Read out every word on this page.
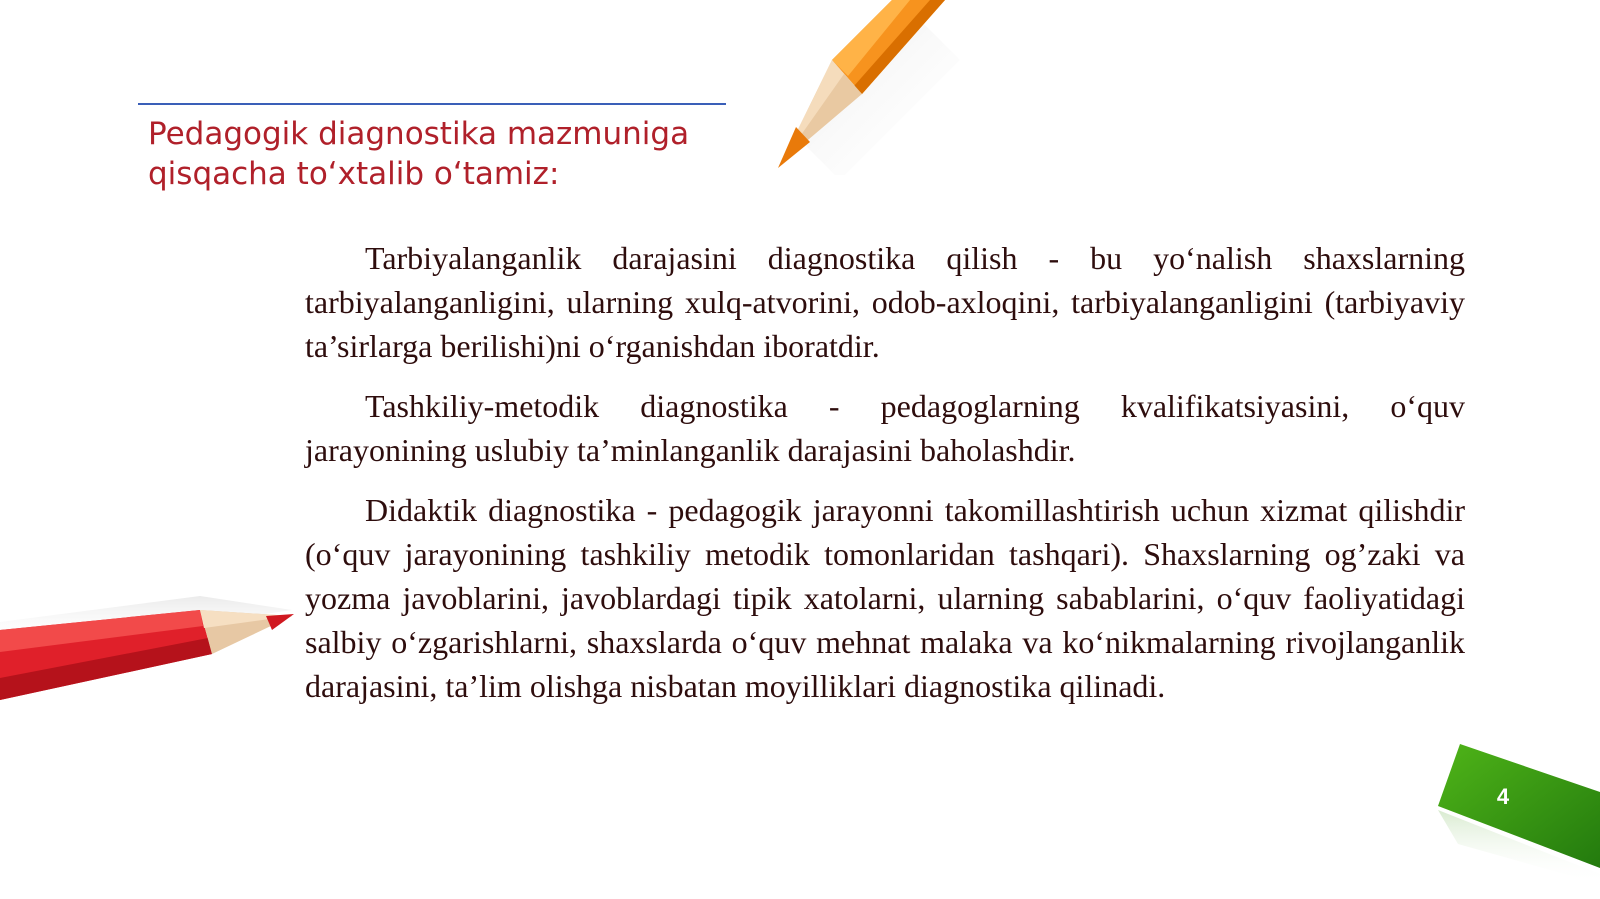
Pedagogik diagnostika mazmuniga
qisqacha to‘xtalib o‘tamiz:

Tarbiyalanganlik darajasini diagnostika qilish - bu yo‘nalish shaxslarning tarbiyalanganligini, ularning xulq-atvorini, odob-axloqini, tarbiyalanganligini (tarbiyaviy ta’sirlarga berilishi)ni o‘rganishdan iboratdir.

Tashkiliy-metodik diagnostika - pedagoglarning kvalifikatsiyasini, o‘quv jarayonining uslubiy ta’minlanganlik darajasini baholashdir.

Didaktik diagnostika - pedagogik jarayonni takomillashtirish uchun xizmat qilishdir (o‘quv jarayonining tashkiliy metodik tomonlaridan tashqari). Shaxslarning og’zaki va yozma javoblarini, javoblardagi tipik xatolarni, ularning sabablarini, o‘quv faoliyatidagi salbiy o‘zgarishlarni, shaxslarda o‘quv mehnat malaka va ko‘nikmalarning rivojlanganlik darajasini, ta’lim olishga nisbatan moyilliklari diagnostika qilinadi.

4
